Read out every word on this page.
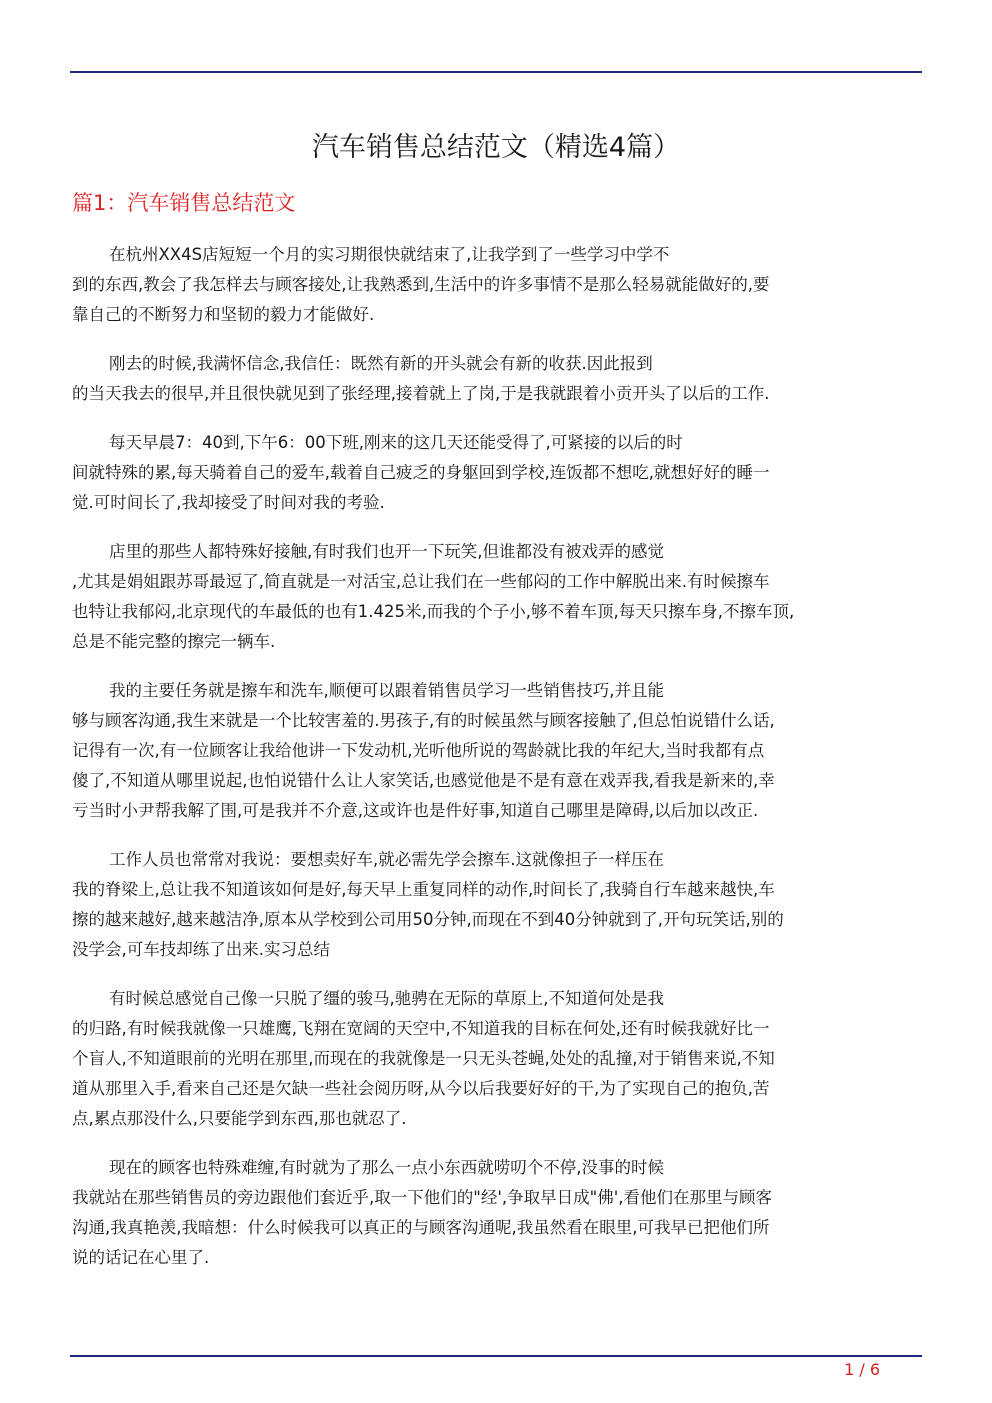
汽车销售总结范文（精选4篇）
篇1：汽车销售总结范文

在杭州XX4S店短短一个月的实习期很快就结束了,让我学到了一些学习中学不
到的东西,教会了我怎样去与顾客接处,让我熟悉到,生活中的许多事情不是那么轻易就能做好的,要
靠自己的不断努力和坚韧的毅力才能做好.

刚去的时候,我满怀信念,我信任：既然有新的开头就会有新的收获.因此报到
的当天我去的很早,并且很快就见到了张经理,接着就上了岗,于是我就跟着小贡开头了以后的工作.

每天早晨7：40到,下午6：00下班,刚来的这几天还能受得了,可紧接的以后的时
间就特殊的累,每天骑着自己的爱车,载着自己疲乏的身躯回到学校,连饭都不想吃,就想好好的睡一
觉.可时间长了,我却接受了时间对我的考验.

店里的那些人都特殊好接触,有时我们也开一下玩笑,但谁都没有被戏弄的感觉
,尤其是娟姐跟苏哥最逗了,简直就是一对活宝,总让我们在一些郁闷的工作中解脱出来.有时候擦车
也特让我郁闷,北京现代的车最低的也有1.425米,而我的个子小,够不着车顶,每天只擦车身,不擦车顶,
总是不能完整的擦完一辆车.

我的主要任务就是擦车和洗车,顺便可以跟着销售员学习一些销售技巧,并且能
够与顾客沟通,我生来就是一个比较害羞的.男孩子,有的时候虽然与顾客接触了,但总怕说错什么话,
记得有一次,有一位顾客让我给他讲一下发动机,光听他所说的驾龄就比我的年纪大,当时我都有点
傻了,不知道从哪里说起,也怕说错什么让人家笑话,也感觉他是不是有意在戏弄我,看我是新来的,幸
亏当时小尹帮我解了围,可是我并不介意,这或许也是件好事,知道自己哪里是障碍,以后加以改正.

工作人员也常常对我说：要想卖好车,就必需先学会擦车.这就像担子一样压在
我的脊梁上,总让我不知道该如何是好,每天早上重复同样的动作,时间长了,我骑自行车越来越快,车
擦的越来越好,越来越洁净,原本从学校到公司用50分钟,而现在不到40分钟就到了,开句玩笑话,别的
没学会,可车技却练了出来.实习总结

有时候总感觉自己像一只脱了缰的骏马,驰骋在无际的草原上,不知道何处是我
的归路,有时候我就像一只雄鹰,飞翔在宽阔的天空中,不知道我的目标在何处,还有时候我就好比一
个盲人,不知道眼前的光明在那里,而现在的我就像是一只无头苍蝇,处处的乱撞,对于销售来说,不知
道从那里入手,看来自己还是欠缺一些社会阅历呀,从今以后我要好好的干,为了实现自己的抱负,苦
点,累点那没什么,只要能学到东西,那也就忍了.

现在的顾客也特殊难缠,有时就为了那么一点小东西就唠叨个不停,没事的时候
我就站在那些销售员的旁边跟他们套近乎,取一下他们的"经',争取早日成"佛',看他们在那里与顾客
沟通,我真艳羡,我暗想：什么时候我可以真正的与顾客沟通呢,我虽然看在眼里,可我早已把他们所
说的话记在心里了.

1 / 6
